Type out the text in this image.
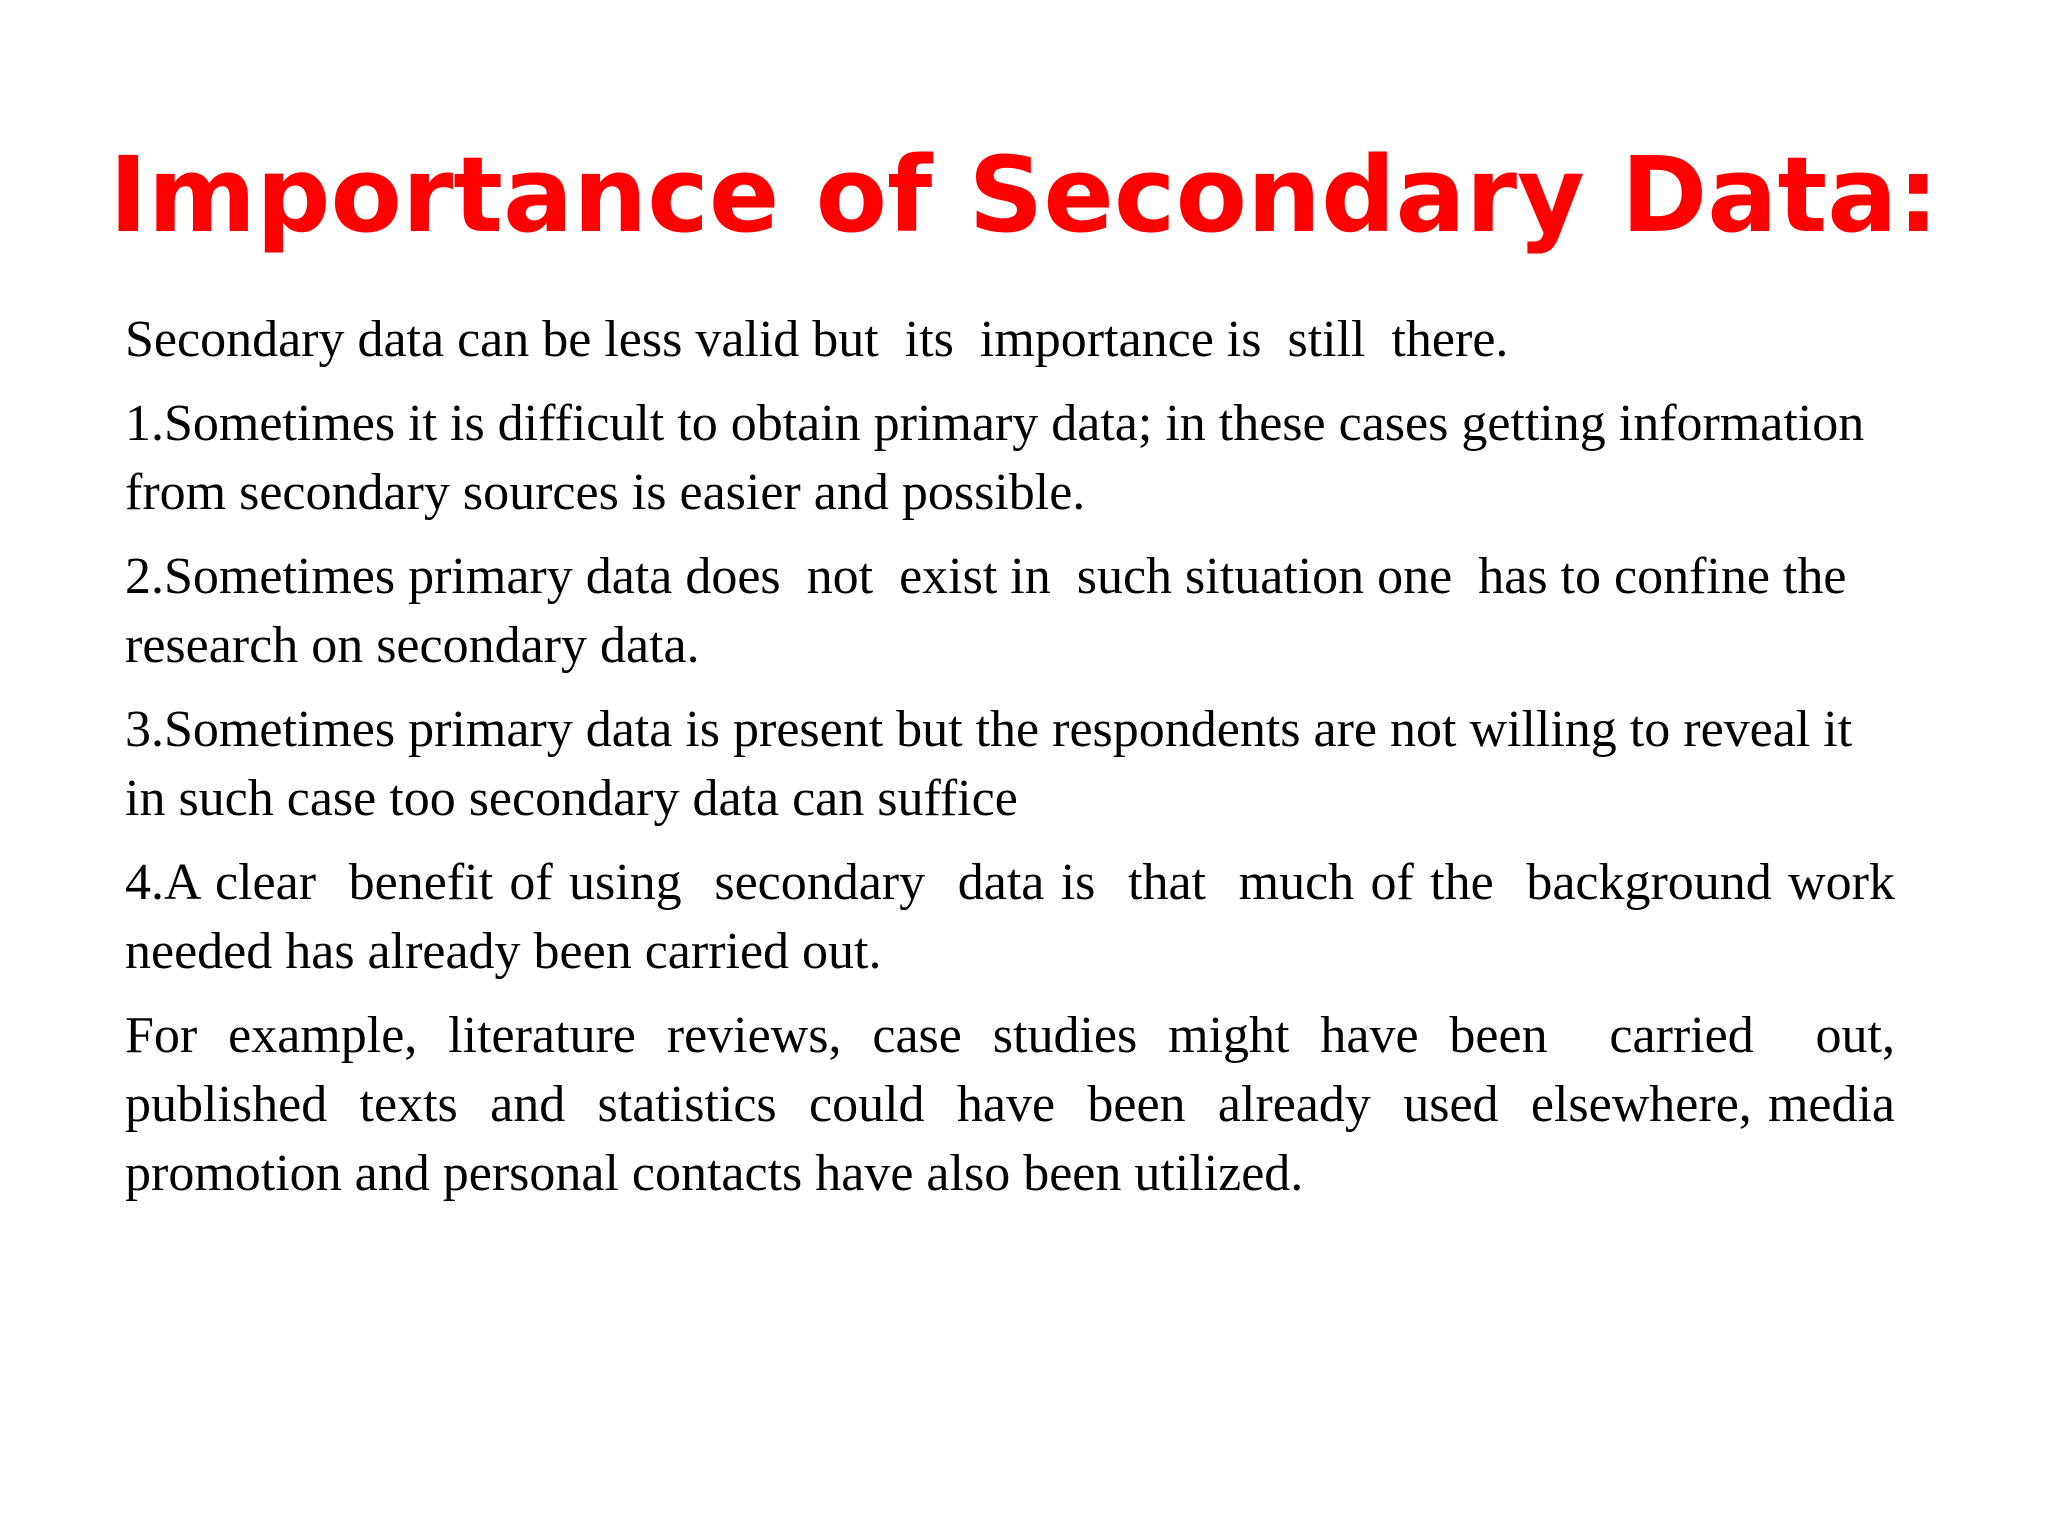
Importance of Secondary Data:

Secondary data can be less valid but  its  importance is  still  there.

1.Sometimes it is difficult to obtain primary data; in these cases getting information from secondary sources is easier and possible.

2.Sometimes primary data does  not  exist in  such situation one  has to confine the research on secondary data.

3.Sometimes primary data is present but the respondents are not willing to reveal it in such case too secondary data can suffice

4.A clear  benefit of using  secondary  data is  that  much of the  background work needed has already been carried out.

For example, literature reviews, case studies might have been  carried  out, published  texts  and  statistics  could  have  been  already  used  elsewhere, media promotion and personal contacts have also been utilized.
